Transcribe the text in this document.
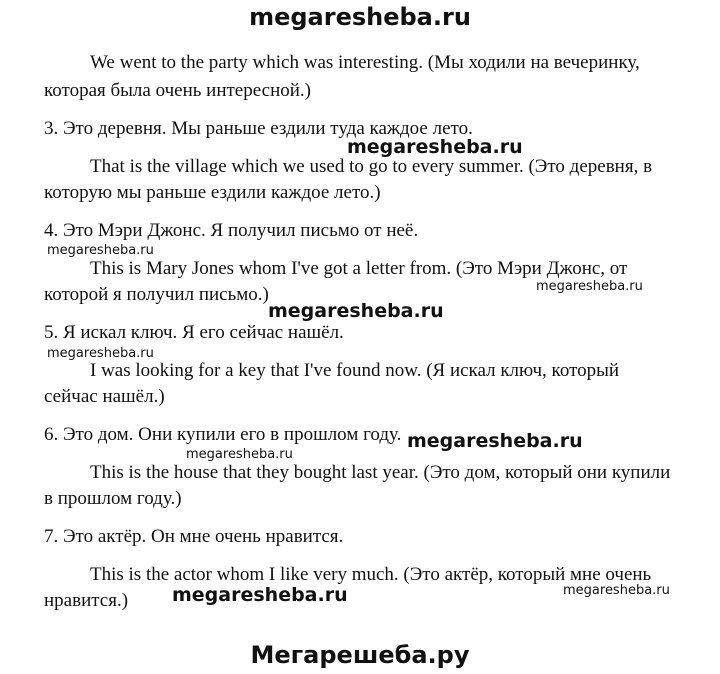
megaresheba.ru
We went to the party which was interesting. (Мы ходили на вечеринку,
которая была очень интересной.)
3. Это деревня. Мы раньше ездили туда каждое лето.
megaresheba.ru
That is the village which we used to go to every summer. (Это деревня, в
которую мы раньше ездили каждое лето.)
4. Это Мэри Джонс. Я получил письмо от неё.
megaresheba.ru
This is Mary Jones whom I've got a letter from. (Это Мэри Джонс, от
megaresheba.ru
которой я получил письмо.)
megaresheba.ru
5. Я искал ключ. Я его сейчас нашёл.
megaresheba.ru
I was looking for a key that I've found now. (Я искал ключ, который
сейчас нашёл.)
6. Это дом. Они купили его в прошлом году. megaresheba.ru
megaresheba.ru
This is the house that they bought last year. (Это дом, который они купили
в прошлом году.)
7. Это актёр. Он мне очень нравится.
This is the actor whom I like very much. (Это актёр, который мне очень
megaresheba.ru
нравится.) megaresheba.ru
Мегарешеба.ру
